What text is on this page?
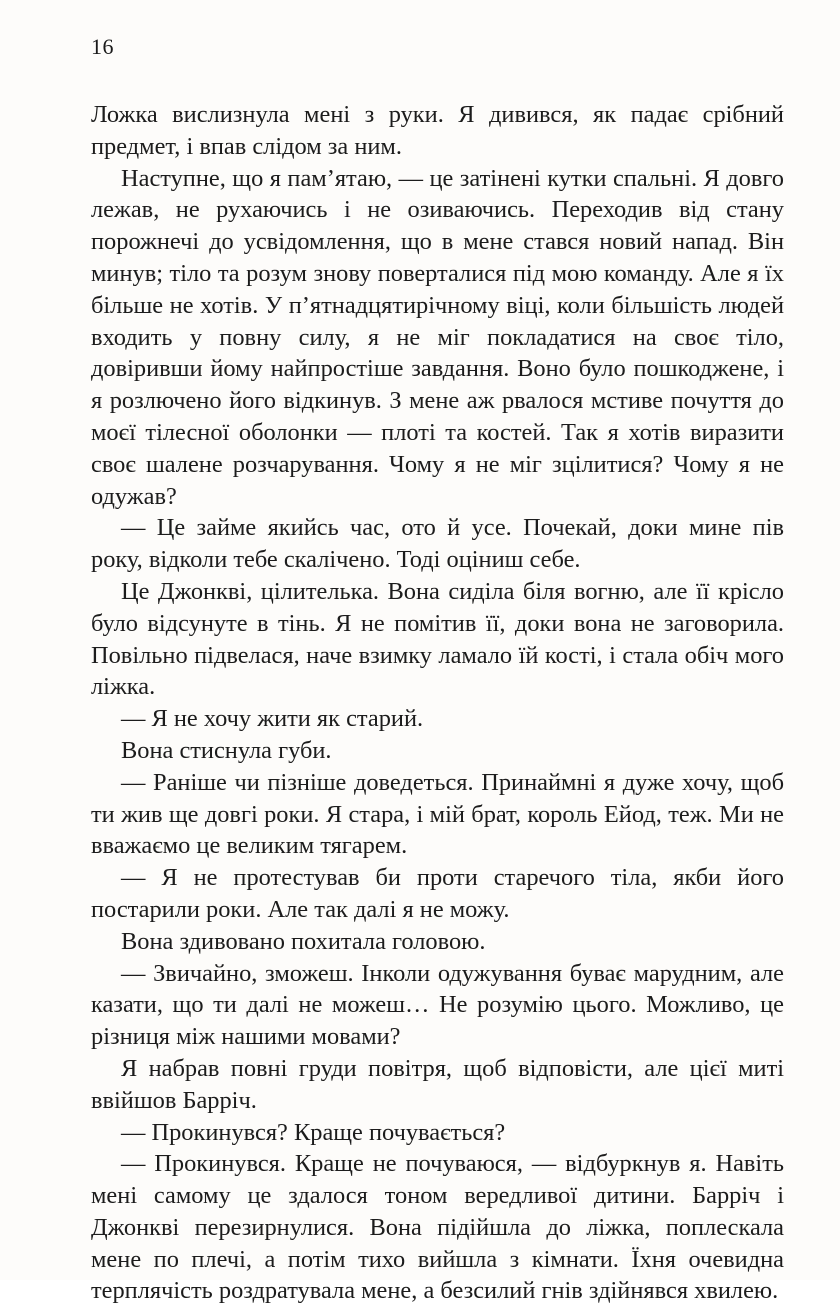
16

Ложка вислизнула мені з руки. Я дивився, як падає срібний предмет, і впав слідом за ним.

Наступне, що я пам’ятаю, — це затінені кутки спальні. Я довго лежав, не рухаючись і не озиваючись. Переходив від стану порожнечі до усвідомлення, що в мене стався новий напад. Він минув; тіло та розум знову поверталися під мою команду. Але я їх більше не хотів. У п’ятнадцятирічному віці, коли більшість людей входить у повну силу, я не міг покладатися на своє тіло, довіривши йому найпростіше завдання. Воно було пошкоджене, і я розлючено його відкинув. З мене аж рвалося мстиве почуття до моєї тілесної оболонки — плоті та костей. Так я хотів виразити своє шалене розчарування. Чому я не міг зцілитися? Чому я не одужав?

— Це займе якийсь час, ото й усе. Почекай, доки мине пів року, відколи тебе скалічено. Тоді оціниш себе.

Це Джонкві, цілителька. Вона сиділа біля вогню, але її крісло було відсунуте в тінь. Я не помітив її, доки вона не заговорила. Повільно підвелася, наче взимку ламало їй кості, і стала обіч мого ліжка.

— Я не хочу жити як старий.

Вона стиснула губи.

— Раніше чи пізніше доведеться. Принаймні я дуже хочу, щоб ти жив ще довгі роки. Я стара, і мій брат, король Ейод, теж. Ми не вважаємо це великим тягарем.

— Я не протестував би проти старечого тіла, якби його постарили роки. Але так далі я не можу.

Вона здивовано похитала головою.

— Звичайно, зможеш. Інколи одужування буває марудним, але казати, що ти далі не можеш… Не розумію цього. Можливо, це різниця між нашими мовами?

Я набрав повні груди повітря, щоб відповісти, але цієї миті ввійшов Барріч.

— Прокинувся? Краще почувається?

— Прокинувся. Краще не почуваюся, — відбуркнув я. Навіть мені самому це здалося тоном вередливої дитини. Барріч і Джонкві перезирнулися. Вона підійшла до ліжка, поплескала мене по плечі, а потім тихо вийшла з кімнати. Їхня очевидна терплячість роздратувала мене, а безсилий гнів здійнявся хвилею.
